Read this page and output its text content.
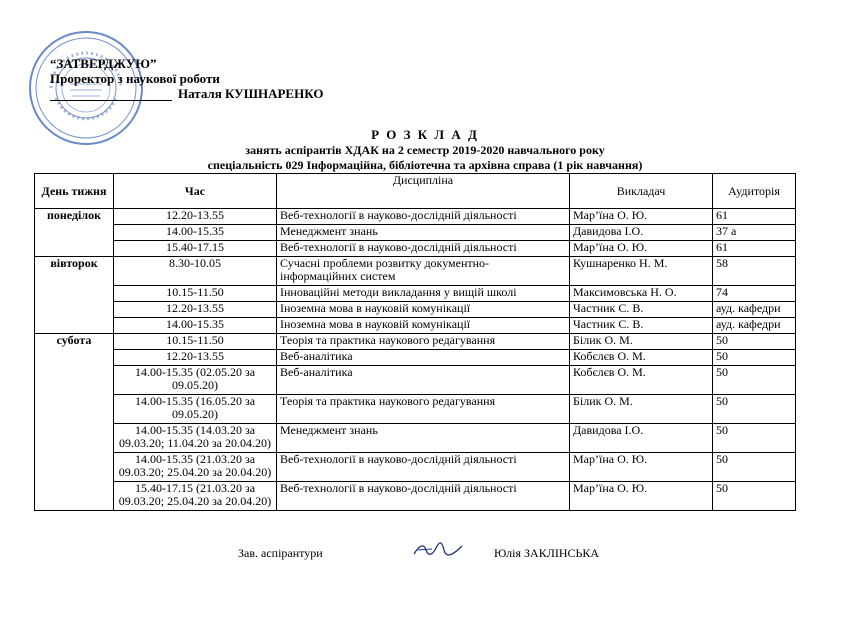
“ЗАТВЕРДЖУЮ”
Проректор з наукової роботи
Наталя КУШНАРЕНКО
Р О З К Л А Д
занять аспірантів ХДАК на 2 семестр 2019-2020 навчального року
спеціальність 029 Інформаційна, бібліотечна та архівна справа (1 рік навчання)
День тижня	Час	Дисципліна	Викладач	Аудиторія
понеділок	12.20-13.55	Веб-технології в науково-дослідній діяльності	Мар’їна О. Ю.	61
	14.00-15.35	Менеджмент знань	Давидова І.О.	37 а
	15.40-17.15	Веб-технології в науково-дослідній діяльності	Мар’їна О. Ю.	61
вівторок	8.30-10.05	Сучасні проблеми розвитку документно-інформаційних систем	Кушнаренко Н. М.	58
	10.15-11.50	Інноваційні методи викладання у вищій школі	Максимовська Н. О.	74
	12.20-13.55	Іноземна мова в науковій комунікації	Частник С. В.	ауд. кафедри
	14.00-15.35	Іноземна мова в науковій комунікації	Частник С. В.	ауд. кафедри
субота	10.15-11.50	Теорія та практика наукового редагування	Білик О. М.	50
	12.20-13.55	Веб-аналітика	Кобєлєв О. М.	50
	14.00-15.35 (02.05.20 за 09.05.20)	Веб-аналітика	Кобєлєв О. М.	50
	14.00-15.35 (16.05.20 за 09.05.20)	Теорія та практика наукового редагування	Білик О. М.	50
	14.00-15.35 (14.03.20 за 09.03.20; 11.04.20 за 20.04.20)	Менеджмент знань	Давидова І.О.	50
	14.00-15.35 (21.03.20 за 09.03.20; 25.04.20 за 20.04.20)	Веб-технології в науково-дослідній діяльності	Мар’їна О. Ю.	50
	15.40-17.15 (21.03.20 за 09.03.20; 25.04.20 за 20.04.20)	Веб-технології в науково-дослідній діяльності	Мар’їна О. Ю.	50
Зав. аспірантури	Юлія ЗАКЛІНСЬКА
